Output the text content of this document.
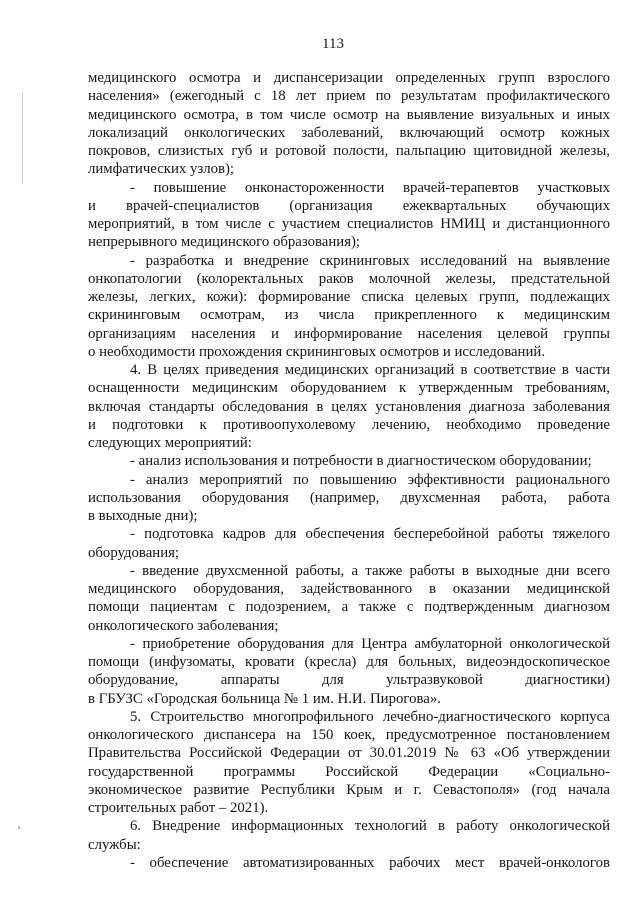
113
медицинского осмотра и диспансеризации определенных групп взрослого
населения» (ежегодный с 18 лет прием по результатам профилактического
медицинского осмотра, в том числе осмотр на выявление визуальных и иных
локализаций онкологических заболеваний, включающий осмотр кожных
покровов, слизистых губ и ротовой полости, пальпацию щитовидной железы,
лимфатических узлов);
- повышение онконастороженности врачей-терапевтов участковых
и врачей-специалистов (организация ежеквартальных обучающих
мероприятий, в том числе с участием специалистов НМИЦ и дистанционного
непрерывного медицинского образования);
- разработка и внедрение скрининговых исследований на выявление
онкопатологии (колоректальных раков молочной железы, предстательной
железы, легких, кожи): формирование списка целевых групп, подлежащих
скрининговым осмотрам, из числа прикрепленного к медицинским
организациям населения и информирование населения целевой группы
о необходимости прохождения скрининговых осмотров и исследований.
4. В целях приведения медицинских организаций в соответствие в части
оснащенности медицинским оборудованием к утвержденным требованиям,
включая стандарты обследования в целях установления диагноза заболевания
и подготовки к противоопухолевому лечению, необходимо проведение
следующих мероприятий:
- анализ использования и потребности в диагностическом оборудовании;
- анализ мероприятий по повышению эффективности рационального
использования оборудования (например, двухсменная работа, работа
в выходные дни);
- подготовка кадров для обеспечения бесперебойной работы тяжелого
оборудования;
- введение двухсменной работы, а также работы в выходные дни всего
медицинского оборудования, задействованного в оказании медицинской
помощи пациентам с подозрением, а также с подтвержденным диагнозом
онкологического заболевания;
- приобретение оборудования для Центра амбулаторной онкологической
помощи (инфузоматы, кровати (кресла) для больных, видеоэндоскопическое
оборудование, аппараты для ультразвуковой диагностики)
в ГБУЗС «Городская больница № 1 им. Н.И. Пирогова».
5. Строительство многопрофильного лечебно-диагностического корпуса
онкологического диспансера на 150 коек, предусмотренное постановлением
Правительства Российской Федерации от 30.01.2019 № 63 «Об утверждении
государственной программы Российской Федерации «Социально-
экономическое развитие Республики Крым и г. Севастополя» (год начала
строительных работ – 2021).
6. Внедрение информационных технологий в работу онкологической
службы:
- обеспечение автоматизированных рабочих мест врачей-онкологов
